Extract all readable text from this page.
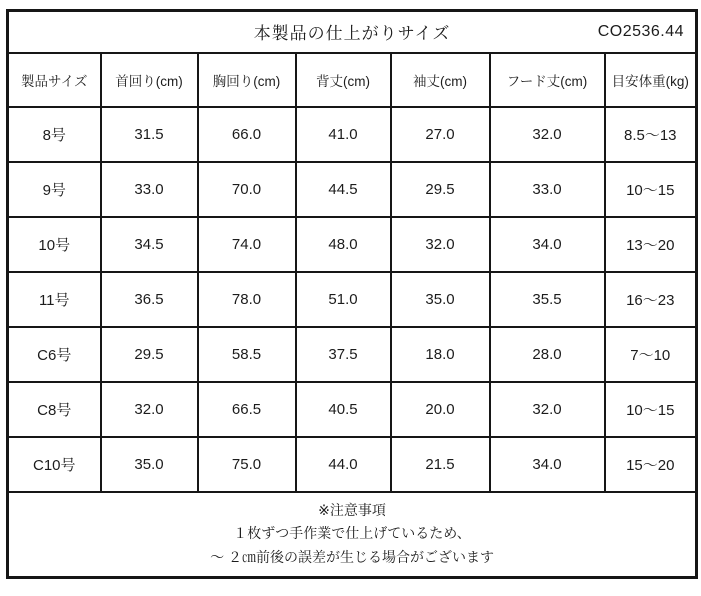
本製品の仕上がりサイズ CO2536.44						

製品サイズ	首回り(cm)	胸回り(cm)	背丈(cm)	袖丈(cm)	フード丈(cm)	目安体重(kg)
8号	31.5	66.0	41.0	27.0	32.0	8.5～13
9号	33.0	70.0	44.5	29.5	33.0	10～15
10号	34.5	74.0	48.0	32.0	34.0	13～20
11号	36.5	78.0	51.0	35.0	35.5	16～23
C6号	29.5	58.5	37.5	18.0	28.0	7～10
C8号	32.0	66.5	40.5	20.0	32.0	10～15
C10号	35.0	75.0	44.0	21.5	34.0	15～20

※注意事項
１枚ずつ手作業で仕上げているため、
～ ２㎝前後の誤差が生じる場合がございます						
